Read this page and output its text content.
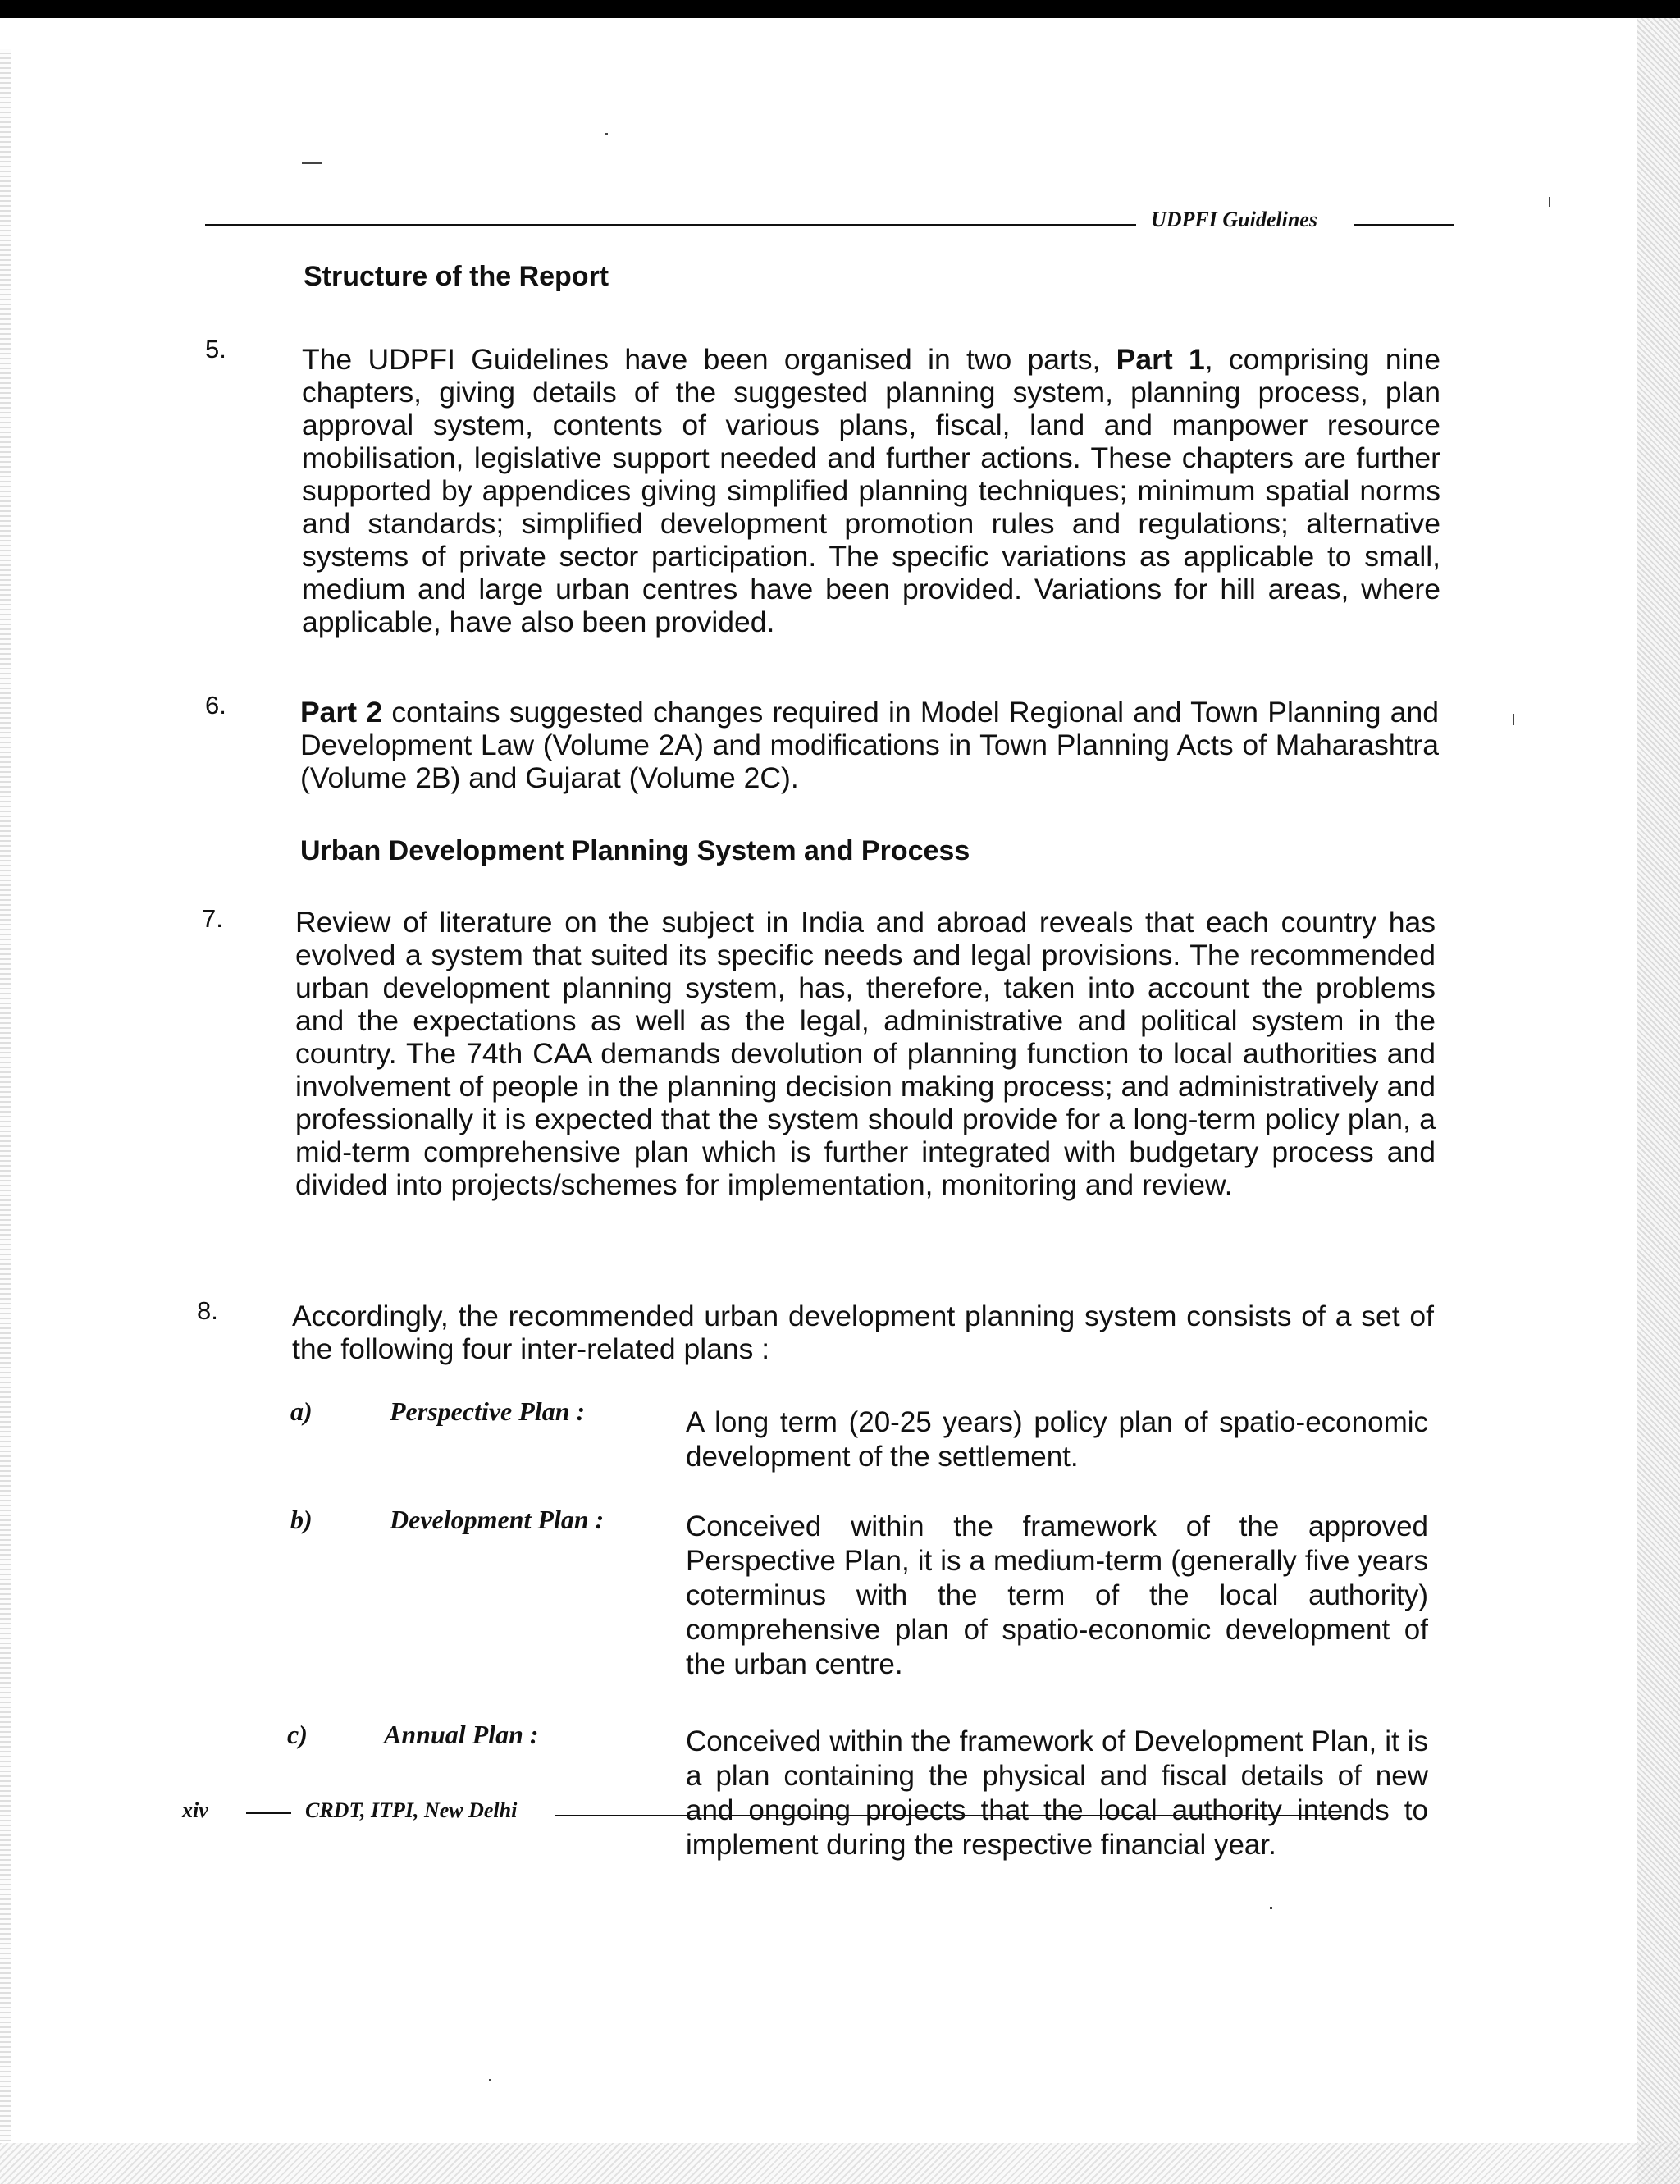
UDPFI Guidelines
Structure of the Report
5.	The UDPFI Guidelines have been organised in two parts, Part 1, comprising nine chapters, giving details of the suggested planning system, planning process, plan approval system, contents of various plans, fiscal, land and manpower resource mobilisation, legislative support needed and further actions. These chapters are further supported by appendices giving simplified planning techniques; minimum spatial norms and standards; simplified development promotion rules and regulations; alternative systems of private sector participation. The specific variations as applicable to small, medium and large urban centres have been provided. Variations for hill areas, where applicable, have also been provided.
6.	Part 2 contains suggested changes required in Model Regional and Town Planning and Development Law (Volume 2A) and modifications in Town Planning Acts of Maharashtra (Volume 2B) and Gujarat (Volume 2C).
Urban Development Planning System and Process
7. Review of literature on the subject in India and abroad reveals that each country has evolved a system that suited its specific needs and legal provisions. The recommended urban development planning system, has, therefore, taken into account the problems and the expectations as well as the legal, administrative and political system in the country. The 74th CAA demands devolution of planning function to local authorities and involvement of people in the planning decision making process; and administratively and professionally it is expected that the system should provide for a long-term policy plan, a mid-term comprehensive plan which is further integrated with budgetary process and divided into projects/schemes for implementation, monitoring and review.
8.	Accordingly, the recommended urban development planning system consists of a set of the following four inter-related plans :
a)	Perspective Plan :	A long term (20-25 years) policy plan of spatio-economic development of the settlement.
b)	Development Plan :	Conceived within the framework of the approved Perspective Plan, it is a medium-term (generally five years coterminus with the term of the local authority) comprehensive plan of spatio-economic development of the urban centre.
c)	Annual Plan :	Conceived within the framework of Development Plan, it is a plan containing the physical and fiscal details of new and ongoing projects that the local authority intends to implement during the respective financial year.
xiv	CRDT, ITPI, New Delhi
